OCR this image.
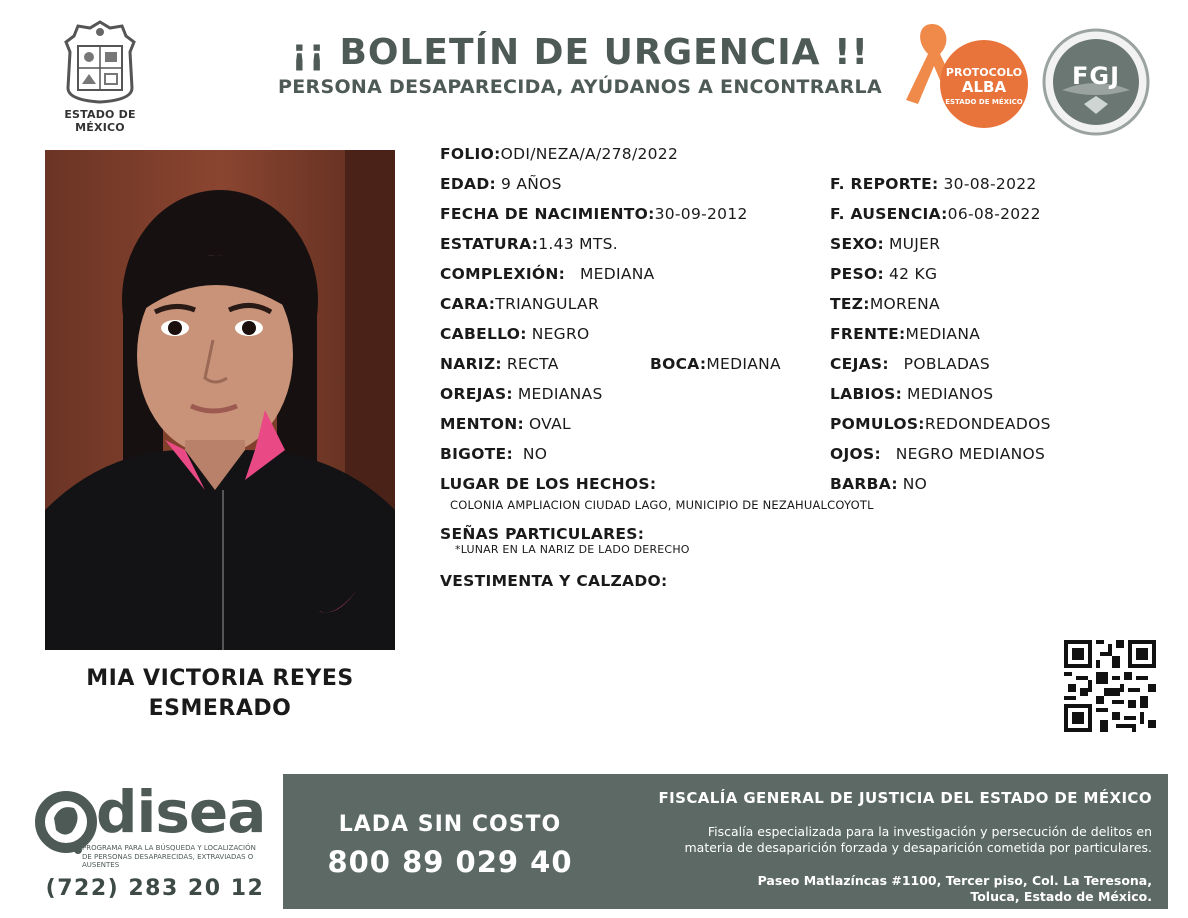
ESTADO DE MÉXICO
¡¡ BOLETÍN DE URGENCIA !!
PERSONA DESAPARECIDA, AYÚDANOS A ENCONTRARLA
PROTOCOLO
ALBA
ESTADO DE MÉXICO
FGJ
MIA VICTORIA REYES
ESMERADO
FOLIO:ODI/NEZA/A/278/2022
EDAD: 9 AÑOS
FECHA DE NACIMIENTO:30-09-2012
ESTATURA:1.43 MTS.
COMPLEXIÓN: MEDIANA
CARA:TRIANGULAR
CABELLO: NEGRO
NARIZ: RECTA	BOCA:MEDIANA
OREJAS: MEDIANAS
MENTON: OVAL
BIGOTE: NO
LUGAR DE LOS HECHOS:
COLONIA AMPLIACION CIUDAD LAGO, MUNICIPIO DE NEZAHUALCOYOTL
SEÑAS PARTICULARES:
*LUNAR EN LA NARIZ DE LADO DERECHO
VESTIMENTA Y CALZADO:
F. REPORTE: 30-08-2022
F. AUSENCIA:06-08-2022
SEXO: MUJER
PESO: 42 KG
TEZ:MORENA
FRENTE:MEDIANA
CEJAS: POBLADAS
LABIOS: MEDIANOS
POMULOS:REDONDEADOS
OJOS: NEGRO MEDIANOS
BARBA: NO
disea
PROGRAMA PARA LA BÚSQUEDA Y LOCALIZACIÓN
DE PERSONAS DESAPARECIDAS, EXTRAVIADAS O
AUSENTES
(722) 283 20 12
LADA SIN COSTO
800 89 029 40
FISCALÍA GENERAL DE JUSTICIA DEL ESTADO DE MÉXICO
Fiscalía especializada para la investigación y persecución de delitos en
materia de desaparición forzada y desaparición cometida por particulares.
Paseo Matlazíncas #1100, Tercer piso, Col. La Teresona,
Toluca, Estado de México.
